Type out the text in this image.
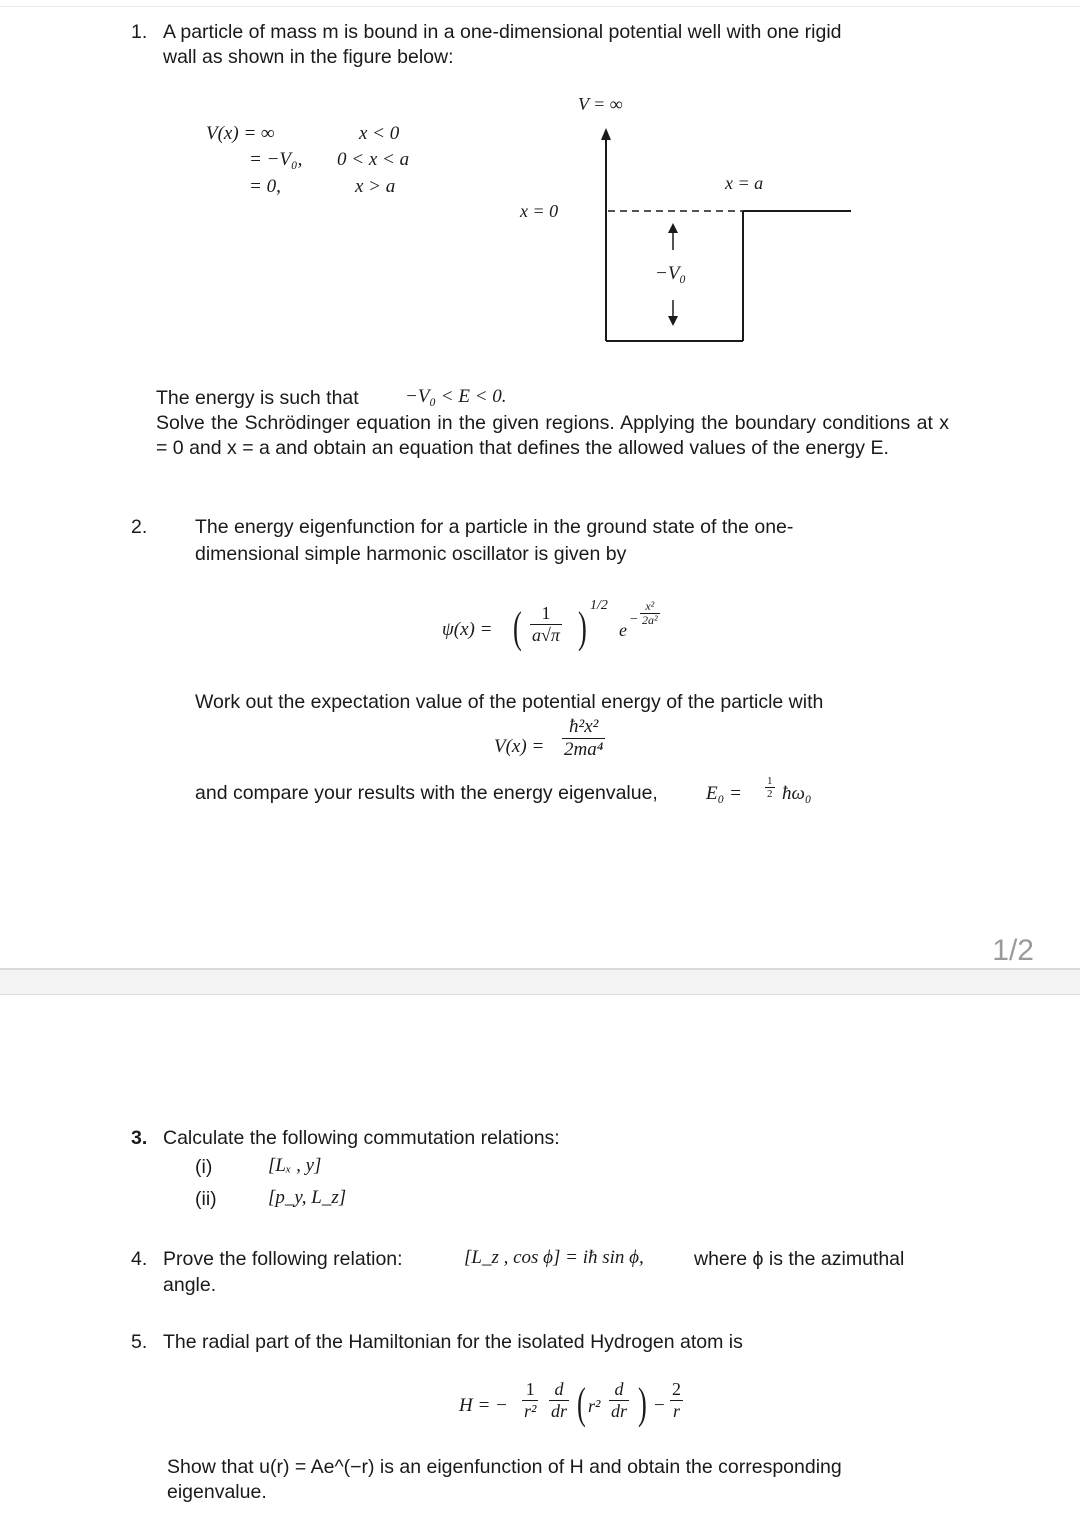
1. A particle of mass m is bound in a one-dimensional potential well with one rigid
wall as shown in the figure below:
V(x) = ∞	x < 0
= −V₀, 0 < x < a
= 0,	x > a
V = ∞
x = 0
x = a
−V₀
The energy is such that −V₀ < E < 0.
Solve the Schrödinger equation in the given regions. Applying the boundary conditions at x = 0 and x = a and obtain an equation that defines the allowed values of the energy E.
2. The energy eigenfunction for a particle in the ground state of the one-
dimensional simple harmonic oscillator is given by
ψ(x) = ( $\frac{1}{a√\pi}$ ) 1/2
e
− $\frac{\text{x²}}{\text{2a²}}$
Work out the expectation value of the potential energy of the particle with
$V(x) = \frac{\text{ħ²x²}}{\text{2ma⁴}}$
and compare your results with the energy eigenvalue,	$E_0 = \frac{1}{2}$ ħω₀
1/2
3. Calculate the following commutation relations:
(i)	[Lₓ , y]
(ii)	[p_y, L_z]
4. Prove the following relation:	[L_z , cos ϕ] = iħ sin ϕ,	where ϕ is the azimuthal
angle.
5. The radial part of the Hamiltonian for the isolated Hydrogen atom is
H = − $\frac{1}{\text{r²}} \frac{d}{dr}$ ( $r^2 \frac{d}{dr}$ ) − $\frac{2}{r}$
Show that u(r) = Ae^(−r) is an eigenfunction of H and obtain the corresponding
eigenvalue.
